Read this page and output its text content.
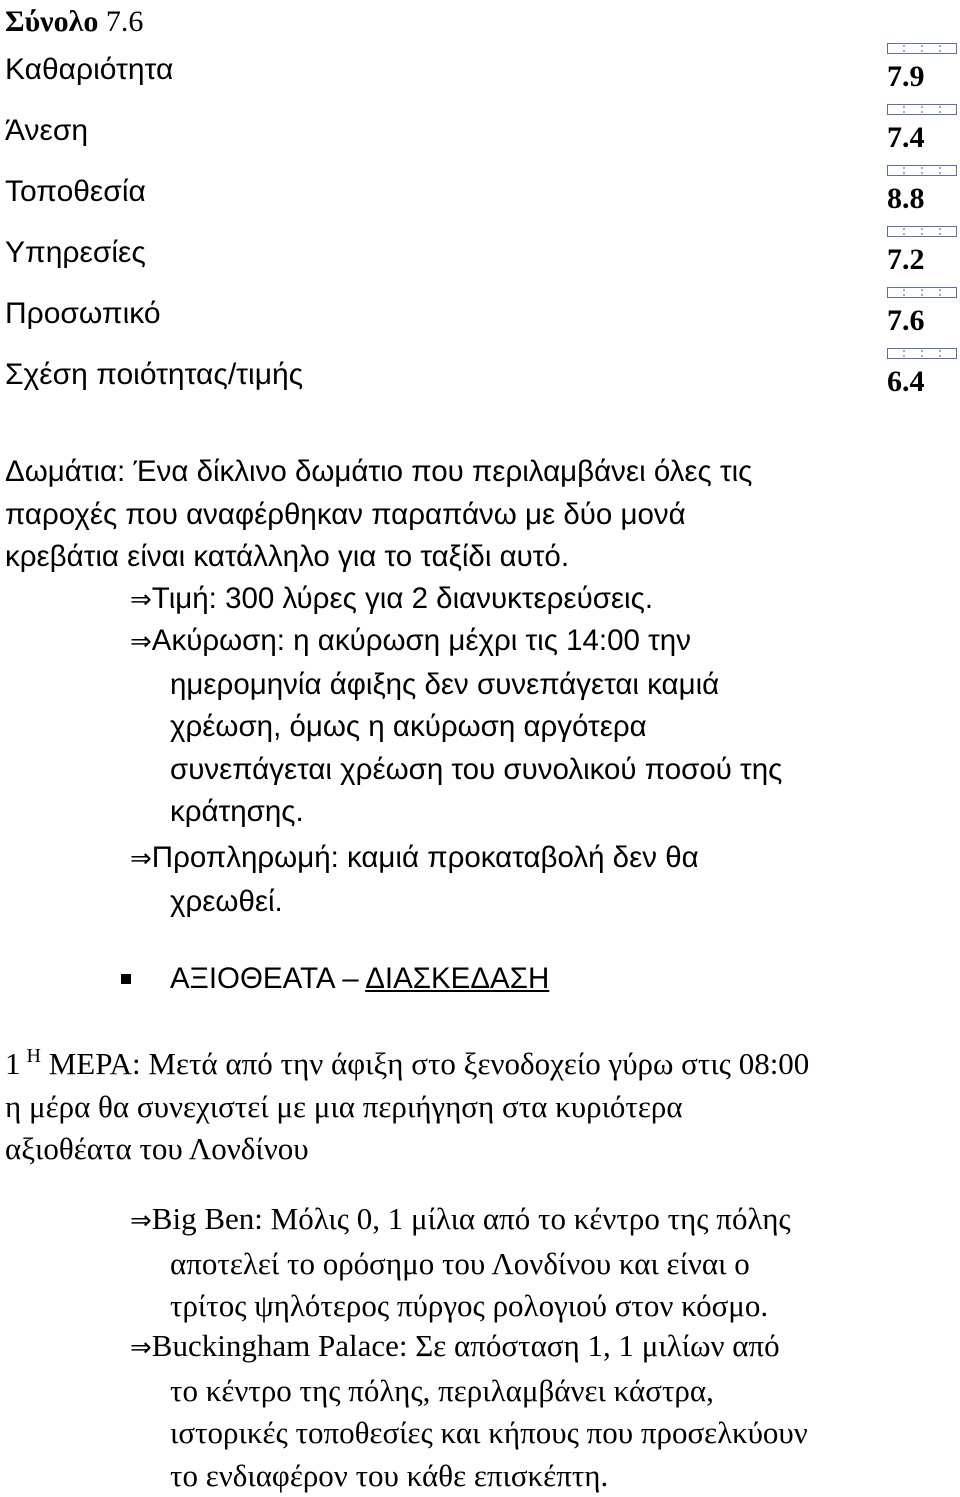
Σύνολο 7.6
Καθαριότητα
Άνεση
Τοποθεσία
Υπηρεσίες
Προσωπικό
Σχέση ποιότητας/τιμής
7.9
7.4
8.8
7.2
7.6
6.4
Δωμάτια: Ένα δίκλινο δωμάτιο που περιλαμβάνει όλες τις
παροχές που αναφέρθηκαν παραπάνω με δύο μονά
κρεβάτια είναι κατάλληλο για το ταξίδι αυτό.
⇒Τιμή: 300 λύρες για 2 διανυκτερεύσεις.
⇒Ακύρωση: η ακύρωση μέχρι τις 14:00 την
ημερομηνία άφιξης δεν συνεπάγεται καμιά
χρέωση, όμως η ακύρωση αργότερα
συνεπάγεται χρέωση του συνολικού ποσού της
κράτησης.
⇒Προπληρωμή: καμιά προκαταβολή δεν θα
χρεωθεί.
ΑΞΙΟΘΕΑΤΑ – ΔΙΑΣΚΕΔΑΣΗ
1 $^H$ ΜΕΡΑ: Μετά από την άφιξη στο ξενοδοχείο γύρω στις 08:00
η μέρα θα συνεχιστεί με μια περιήγηση στα κυριότερα
αξιοθέατα του Λονδίνου
⇒Big Ben: Μόλις 0, 1 μίλια από το κέντρο της πόλης
αποτελεί το ορόσημο του Λονδίνου και είναι ο
τρίτος ψηλότερος πύργος ρολογιού στον κόσμο.
⇒Buckingham Palace: Σε απόσταση 1, 1 μιλίων από
το κέντρο της πόλης, περιλαμβάνει κάστρα,
ιστορικές τοποθεσίες και κήπους που προσελκύουν
το ενδιαφέρον του κάθε επισκέπτη.
